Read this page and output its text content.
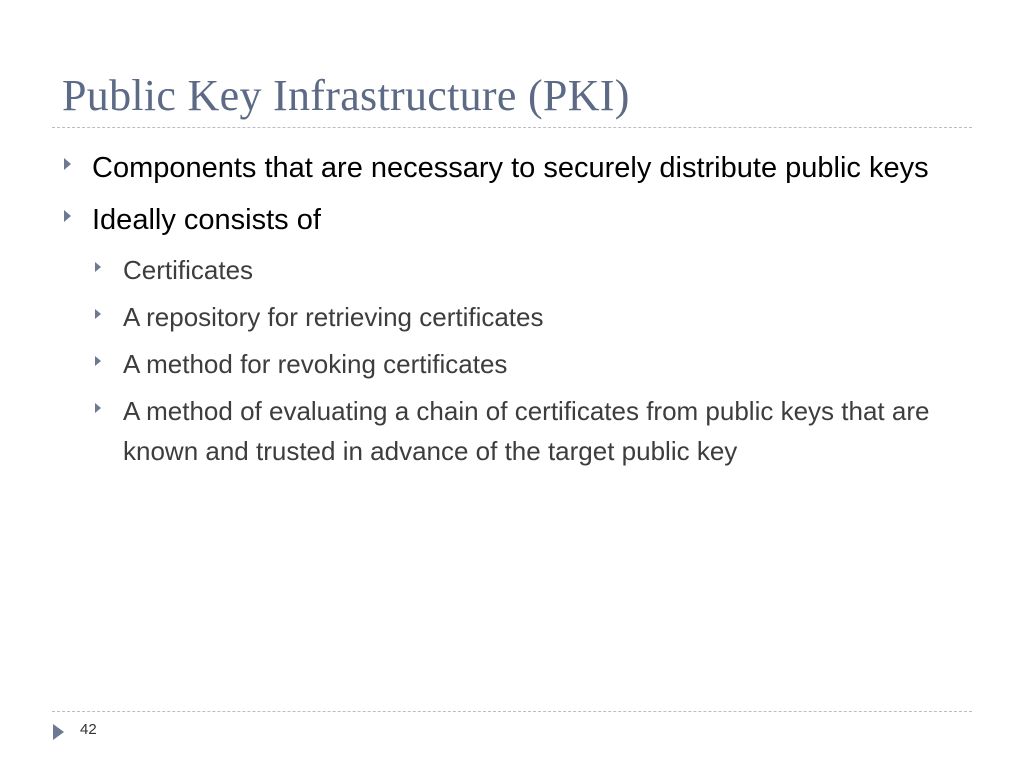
Public Key Infrastructure (PKI)
Components that are necessary to securely distribute public keys
Ideally consists of
Certificates
A repository for retrieving certificates
A method for revoking certificates
A method of evaluating a chain of certificates from public keys that are known and trusted in advance of the target public key
42
